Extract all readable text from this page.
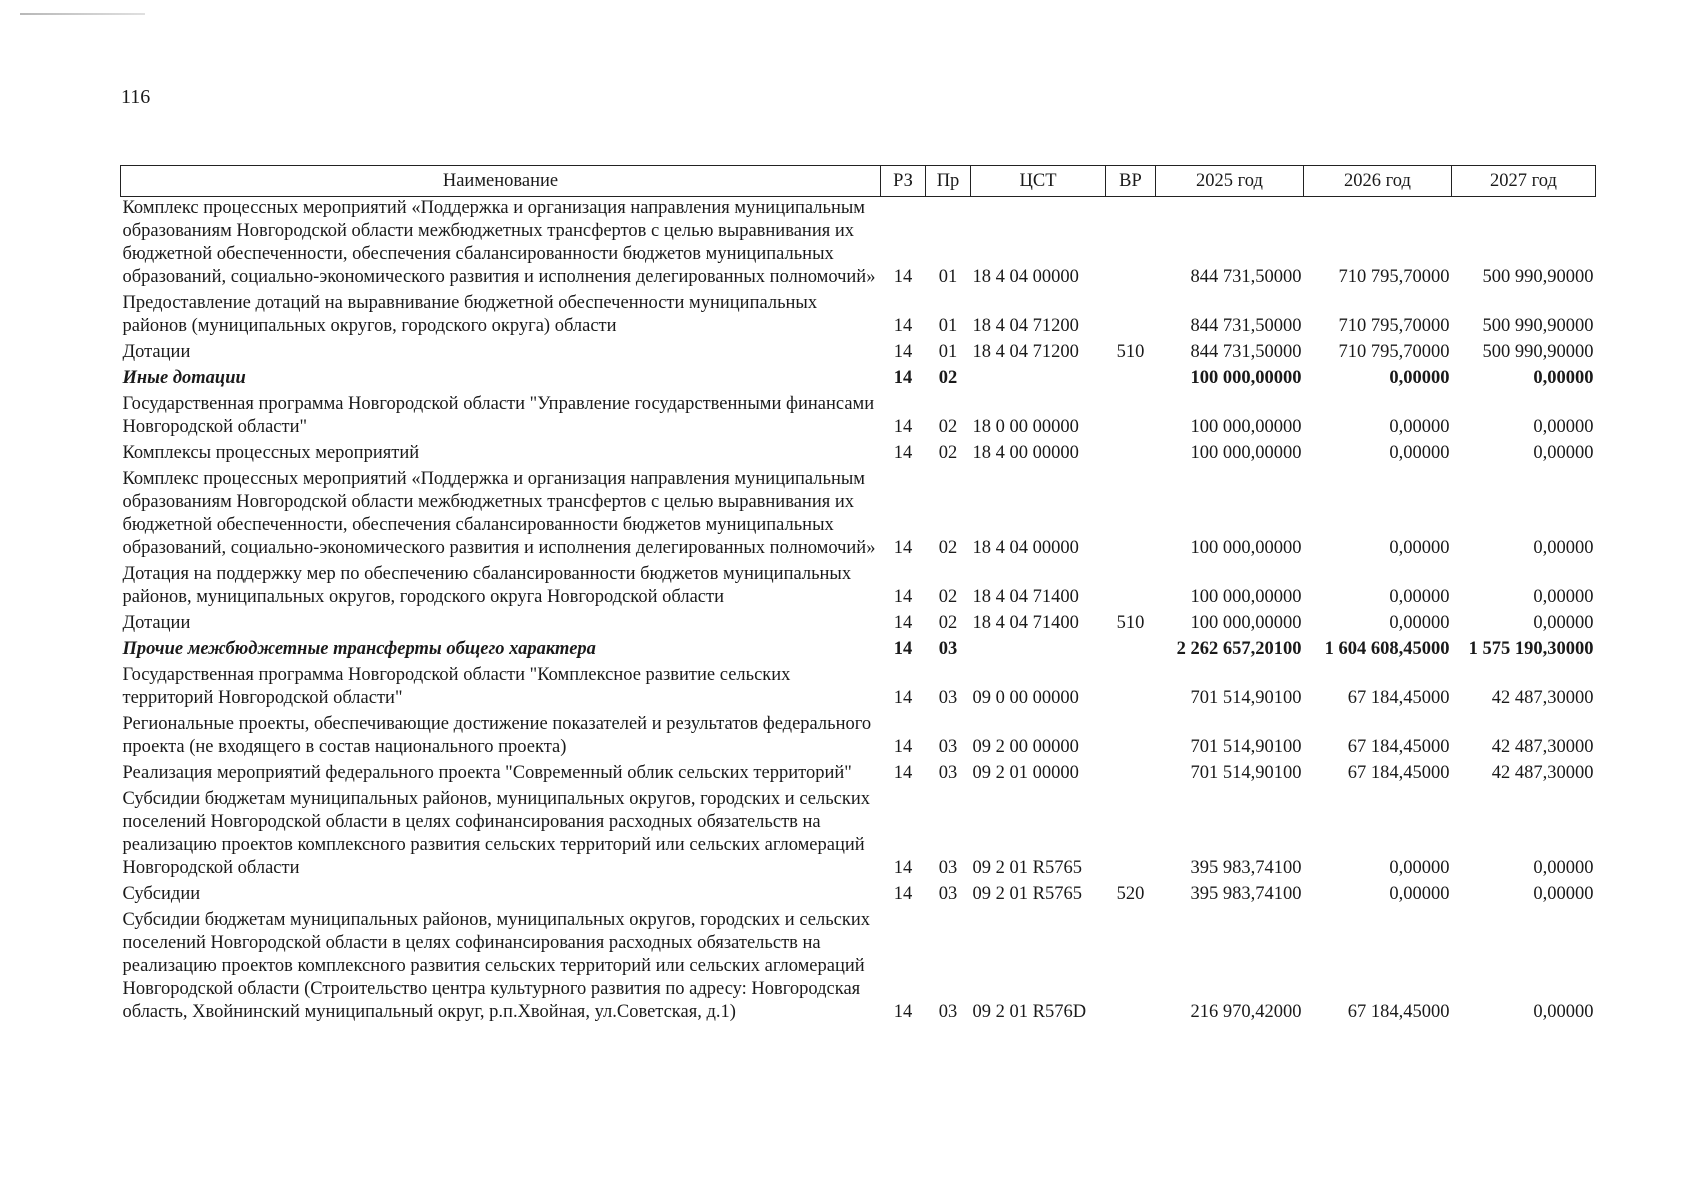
116
Наименование	РЗ	Пр	ЦСТ	ВР	2025 год	2026 год	2027 год
Комплекс процессных мероприятий «Поддержка и организация направления муниципальным образованиям Новгородской области межбюджетных трансфертов с целью выравнивания их бюджетной обеспеченности, обеспечения сбалансированности бюджетов муниципальных образований, социально-экономического развития и исполнения делегированных полномочий»	14	01	18 4 04 00000		844 731,50000	710 795,70000	500 990,90000
Предоставление дотаций на выравнивание бюджетной обеспеченности муниципальных районов (муниципальных округов, городского округа) области	14	01	18 4 04 71200		844 731,50000	710 795,70000	500 990,90000
Дотации	14	01	18 4 04 71200	510	844 731,50000	710 795,70000	500 990,90000
Иные дотации	14	02			100 000,00000	0,00000	0,00000
Государственная программа Новгородской области "Управление государственными финансами Новгородской области"	14	02	18 0 00 00000		100 000,00000	0,00000	0,00000
Комплексы процессных мероприятий	14	02	18 4 00 00000		100 000,00000	0,00000	0,00000
Комплекс процессных мероприятий «Поддержка и организация направления муниципальным образованиям Новгородской области межбюджетных трансфертов с целью выравнивания их бюджетной обеспеченности, обеспечения сбалансированности бюджетов муниципальных образований, социально-экономического развития и исполнения делегированных полномочий»	14	02	18 4 04 00000		100 000,00000	0,00000	0,00000
Дотация на поддержку мер по обеспечению сбалансированности бюджетов муниципальных районов, муниципальных округов, городского округа Новгородской области	14	02	18 4 04 71400		100 000,00000	0,00000	0,00000
Дотации	14	02	18 4 04 71400	510	100 000,00000	0,00000	0,00000
Прочие межбюджетные трансферты общего характера	14	03			2 262 657,20100	1 604 608,45000	1 575 190,30000
Государственная программа Новгородской области "Комплексное развитие сельских территорий Новгородской области"	14	03	09 0 00 00000		701 514,90100	67 184,45000	42 487,30000
Региональные проекты, обеспечивающие достижение показателей и результатов федерального проекта (не входящего в состав национального проекта)	14	03	09 2 00 00000		701 514,90100	67 184,45000	42 487,30000
Реализация мероприятий федерального проекта "Современный облик сельских территорий"	14	03	09 2 01 00000		701 514,90100	67 184,45000	42 487,30000
Субсидии бюджетам муниципальных районов, муниципальных округов, городских и сельских поселений Новгородской области в целях софинансирования расходных обязательств на реализацию проектов комплексного развития сельских территорий или сельских агломераций Новгородской области	14	03	09 2 01 R5765		395 983,74100	0,00000	0,00000
Субсидии	14	03	09 2 01 R5765	520	395 983,74100	0,00000	0,00000
Субсидии бюджетам муниципальных районов, муниципальных округов, городских и сельских поселений Новгородской области в целях софинансирования расходных обязательств на реализацию проектов комплексного развития сельских территорий или сельских агломераций Новгородской области (Строительство центра культурного развития по адресу: Новгородская область, Хвойнинский муниципальный округ, р.п.Хвойная, ул.Советская, д.1)	14	03	09 2 01 R576D		216 970,42000	67 184,45000	0,00000
